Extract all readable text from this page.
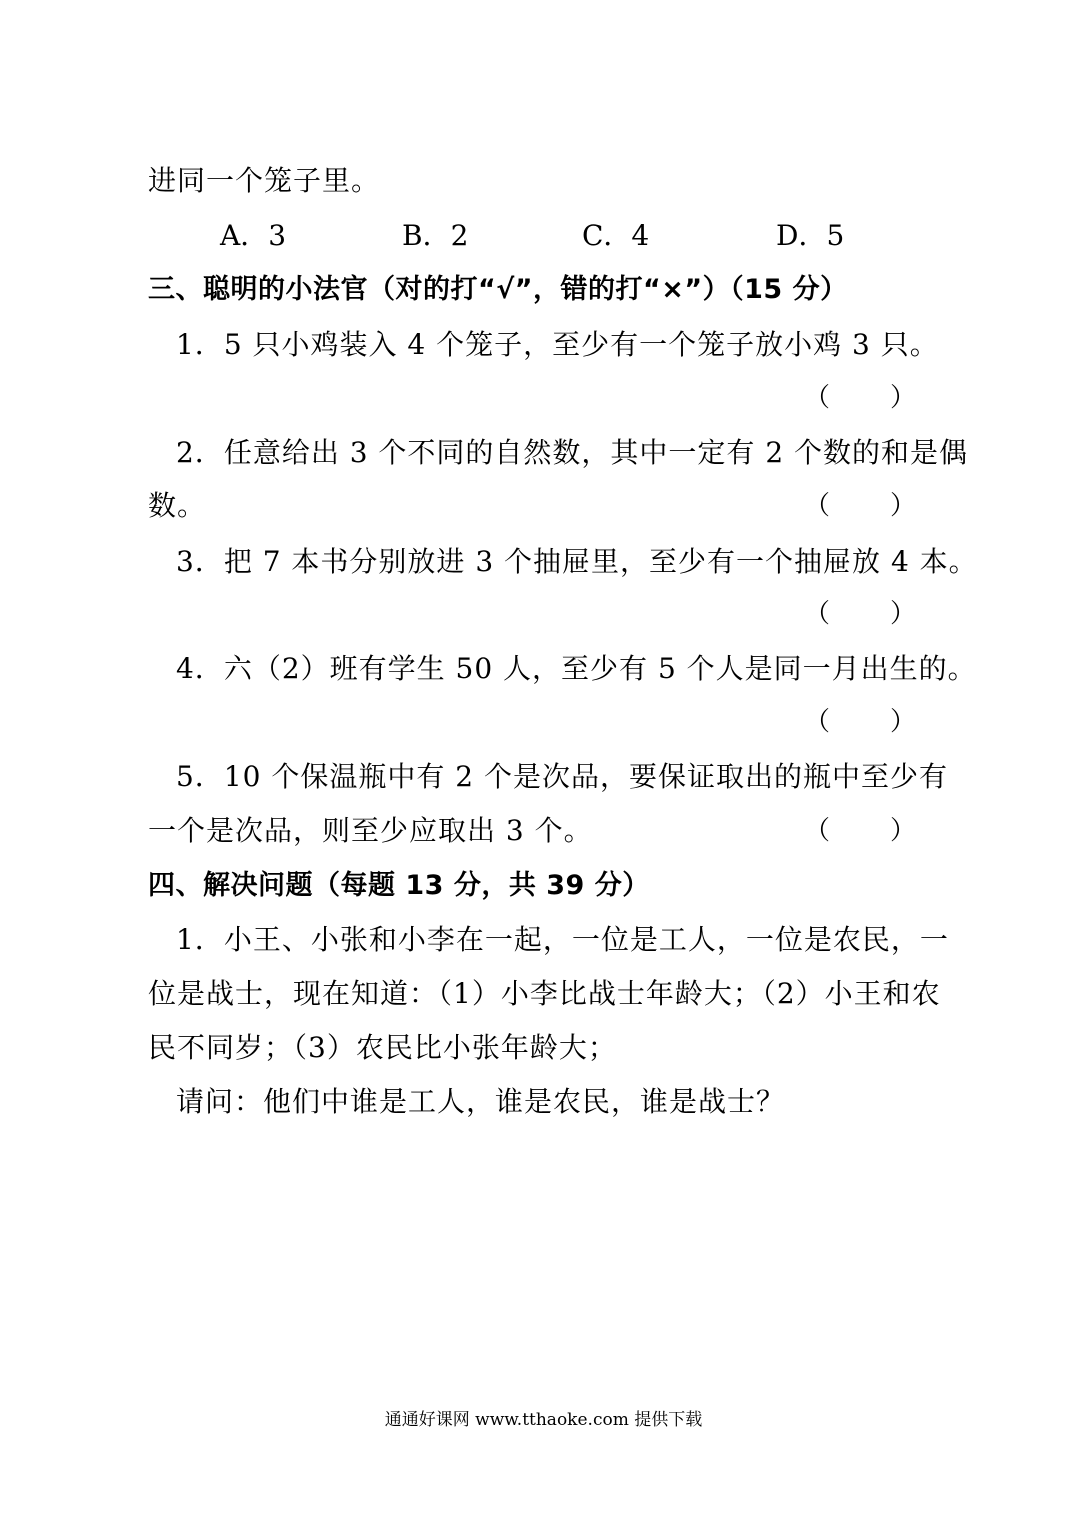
进同一个笼子里。
A．3	B．2	C．4	D．5
三、聪明的小法官（对的打“√”，错的打“×”）（15 分）
1．5 只小鸡装入 4 个笼子，至少有一个笼子放小鸡 3 只。
（ ）
2．任意给出 3 个不同的自然数，其中一定有 2 个数的和是偶
数。	（ ）
3．把 7 本书分别放进 3 个抽屉里，至少有一个抽屉放 4 本。
（ ）
4．六（2）班有学生 50 人，至少有 5 个人是同一月出生的。
（ ）
5．10 个保温瓶中有 2 个是次品，要保证取出的瓶中至少有
一个是次品，则至少应取出 3 个。	（ ）
四、解决问题（每题 13 分，共 39 分）
1．小王、小张和小李在一起，一位是工人，一位是农民，一
位是战士，现在知道：（1）小李比战士年龄大；（2）小王和农
民不同岁；（3）农民比小张年龄大；
请问：他们中谁是工人，谁是农民，谁是战士？
通通好课网 www.tthaoke.com 提供下载
